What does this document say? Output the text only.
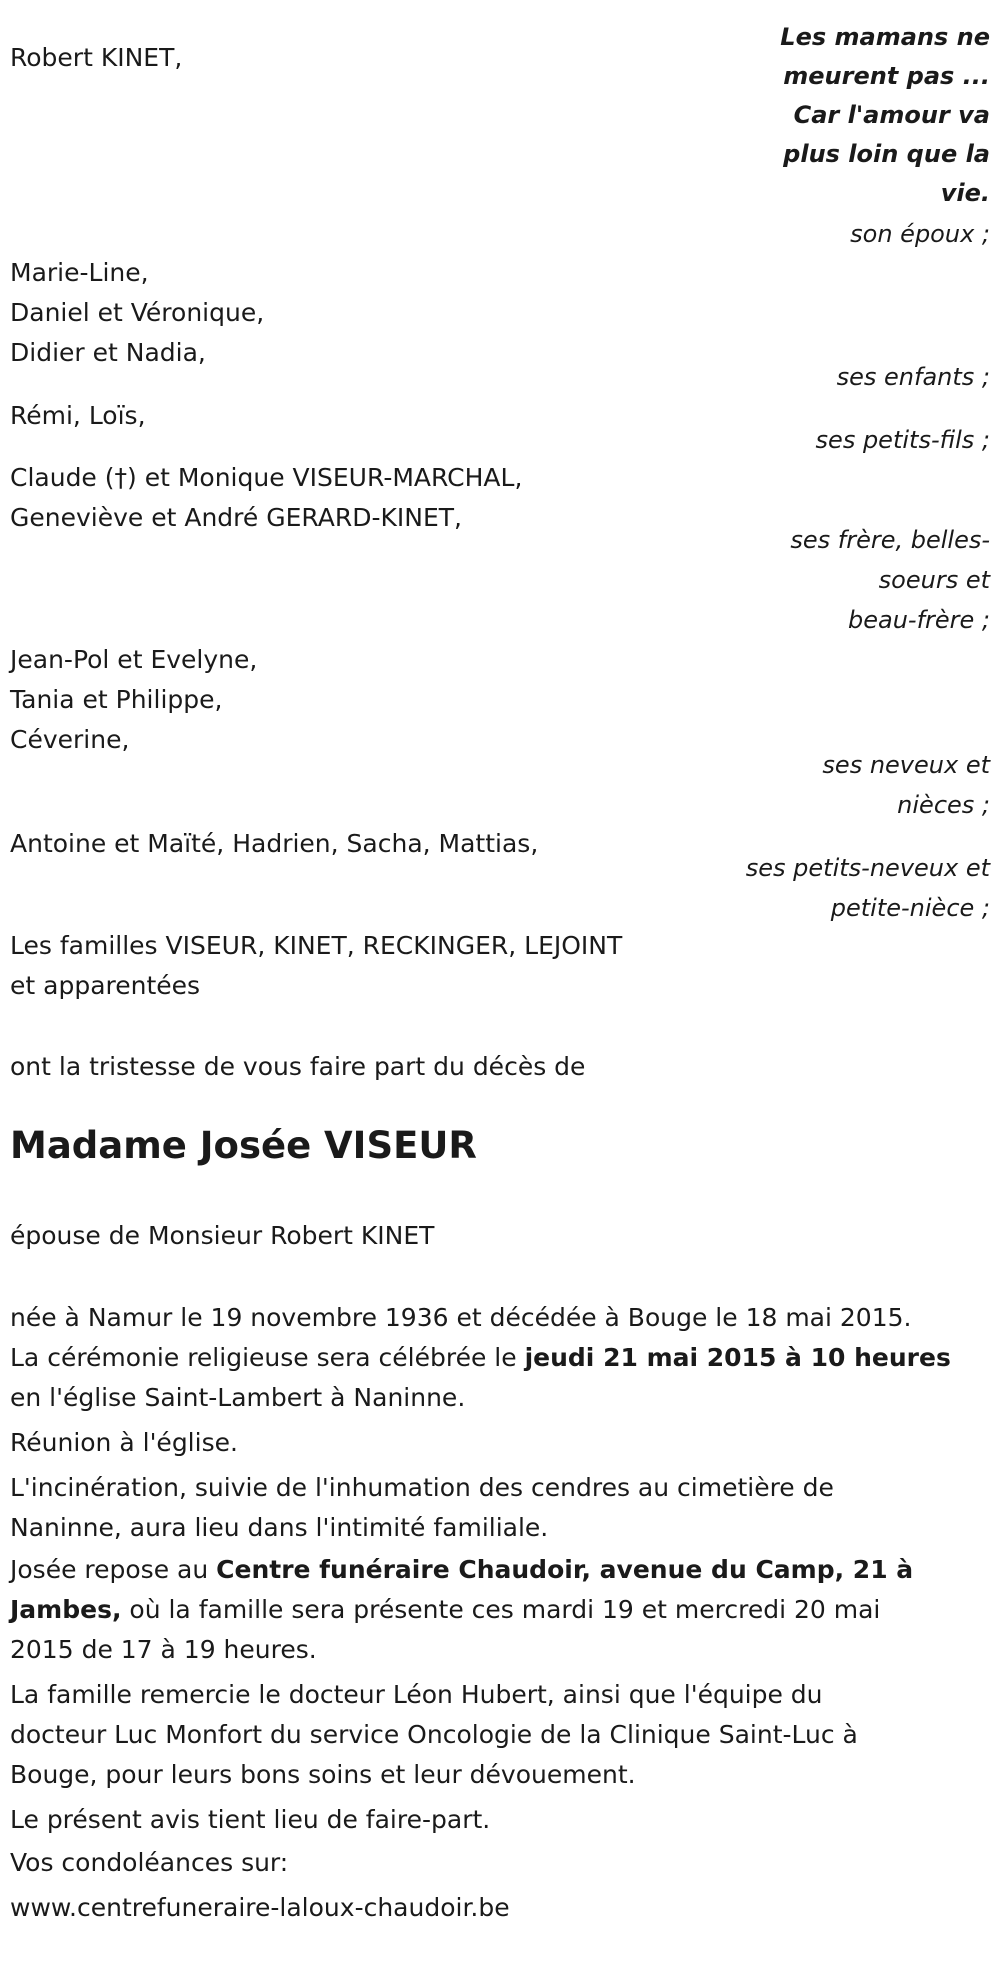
Les mamans ne meurent pas ... Car l'amour va plus loin que la vie.

Robert KINET,

son époux ;

Marie-Line,
Daniel et Véronique,
Didier et Nadia,

ses enfants ;

Rémi, Loïs,

ses petits-fils ;

Claude (†) et Monique VISEUR-MARCHAL,
Geneviève et André GERARD-KINET,

ses frère, belles-
soeurs et
beau-frère ;

Jean-Pol et Evelyne,
Tania et Philippe,
Céverine,

ses neveux et
nièces ;

Antoine et Maïté, Hadrien, Sacha, Mattias,

ses petits-neveux et
petite-nièce ;

Les familles VISEUR, KINET, RECKINGER, LEJOINT
et apparentées

ont la tristesse de vous faire part du décès de

Madame Josée VISEUR

épouse de Monsieur Robert KINET

née à Namur le 19 novembre 1936 et décédée à Bouge le 18 mai 2015.

La cérémonie religieuse sera célébrée le jeudi 21 mai 2015 à 10 heures
en l'église Saint-Lambert à Naninne.

Réunion à l'église.

L'incinération, suivie de l'inhumation des cendres au cimetière de
Naninne, aura lieu dans l'intimité familiale.

Josée repose au Centre funéraire Chaudoir, avenue du Camp, 21 à
Jambes, où la famille sera présente ces mardi 19 et mercredi 20 mai
2015 de 17 à 19 heures.

La famille remercie le docteur Léon Hubert, ainsi que l'équipe du
docteur Luc Monfort du service Oncologie de la Clinique Saint-Luc à
Bouge, pour leurs bons soins et leur dévouement.

Le présent avis tient lieu de faire-part.

Vos condoléances sur:

www.centrefuneraire-laloux-chaudoir.be
